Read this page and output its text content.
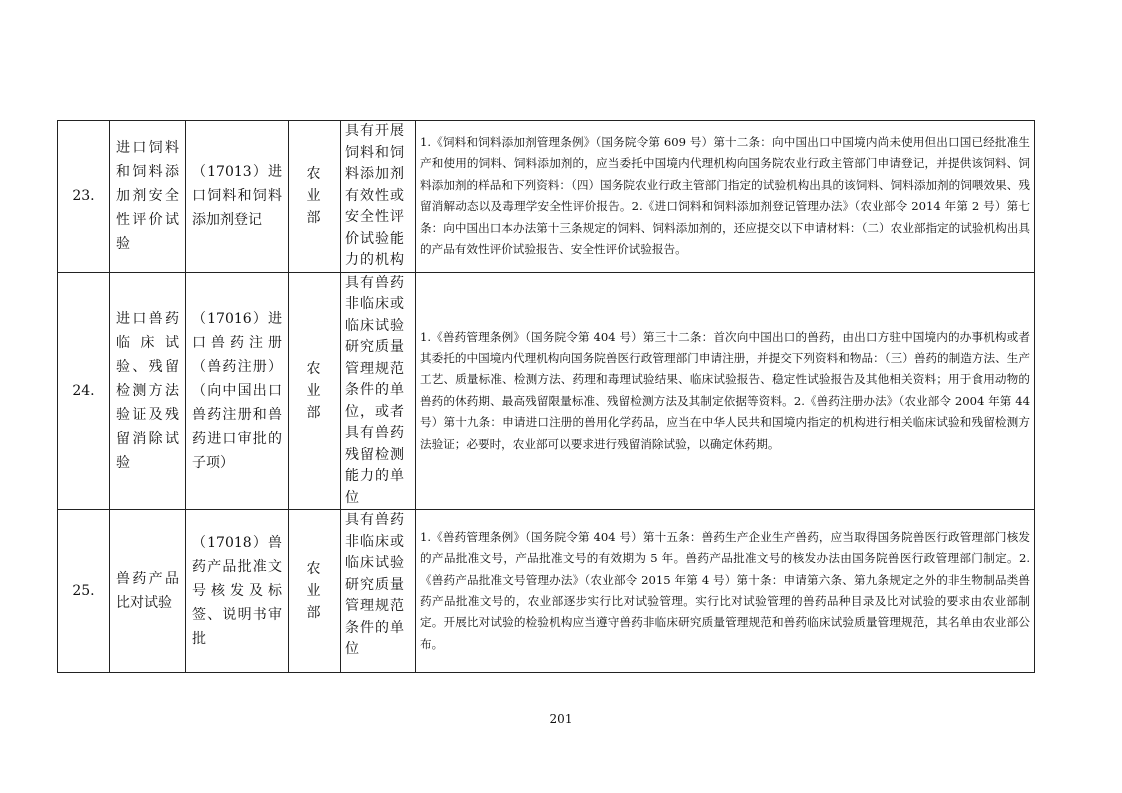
23.	进口饲料和饲料添加剂安全性评价试验	（17013）进口饲料和饲料添加剂登记	农 业 部	具有开展饲料和饲料添加剂有效性或安全性评价试验能力的机构	1.《饲料和饲料添加剂管理条例》（国务院令第 609 号）第十二条：向中国出口中国境内尚未使用但出口国已经批准生产和使用的饲料、饲料添加剂的，应当委托中国境内代理机构向国务院农业行政主管部门申请登记，并提供该饲料、饲料添加剂的样品和下列资料：（四）国务院农业行政主管部门指定的试验机构出具的该饲料、饲料添加剂的饲喂效果、残留消解动态以及毒理学安全性评价报告。2.《进口饲料和饲料添加剂登记管理办法》（农业部令 2014 年第 2 号）第七条：向中国出口本办法第十三条规定的饲料、饲料添加剂的，还应提交以下申请材料：（二）农业部指定的试验机构出具的产品有效性评价试验报告、安全性评价试验报告。
24.	进口兽药临床试验、残留检测方法验证及残留消除试验	（17016）进口兽药注册（兽药注册）（向中国出口兽药注册和兽药进口审批的子项）	农 业 部	具有兽药非临床或临床试验研究质量管理规范条件的单位，或者具有兽药残留检测能力的单位	1.《兽药管理条例》（国务院令第 404 号）第三十二条：首次向中国出口的兽药，由出口方驻中国境内的办事机构或者其委托的中国境内代理机构向国务院兽医行政管理部门申请注册，并提交下列资料和物品：（三）兽药的制造方法、生产工艺、质量标准、检测方法、药理和毒理试验结果、临床试验报告、稳定性试验报告及其他相关资料；用于食用动物的兽药的休药期、最高残留限量标准、残留检测方法及其制定依据等资料。2.《兽药注册办法》（农业部令 2004 年第 44 号）第十九条：申请进口注册的兽用化学药品，应当在中华人民共和国境内指定的机构进行相关临床试验和残留检测方法验证；必要时，农业部可以要求进行残留消除试验，以确定休药期。
25.	兽药产品比对试验	（17018）兽药产品批准文号核发及标签、说明书审批	农 业 部	具有兽药非临床或临床试验研究质量管理规范条件的单位	1.《兽药管理条例》（国务院令第 404 号）第十五条：兽药生产企业生产兽药，应当取得国务院兽医行政管理部门核发的产品批准文号，产品批准文号的有效期为 5 年。兽药产品批准文号的核发办法由国务院兽医行政管理部门制定。2.《兽药产品批准文号管理办法》（农业部令 2015 年第 4 号）第十条：申请第六条、第九条规定之外的非生物制品类兽药产品批准文号的，农业部逐步实行比对试验管理。实行比对试验管理的兽药品种目录及比对试验的要求由农业部制定。开展比对试验的检验机构应当遵守兽药非临床研究质量管理规范和兽药临床试验质量管理规范，其名单由农业部公布。
201
